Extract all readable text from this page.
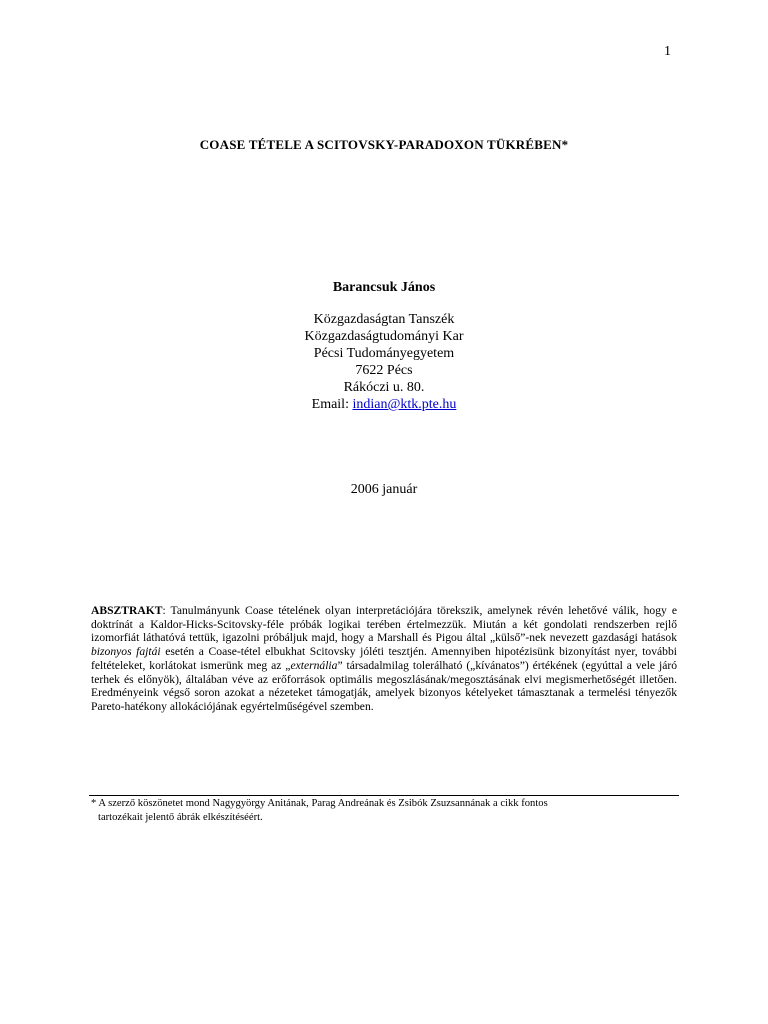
1
COASE TÉTELE A SCITOVSKY-PARADOXON TÜKRÉBEN*
Barancsuk János
Közgazdaságtan Tanszék
Közgazdaságtudományi Kar
Pécsi Tudományegyetem
7622 Pécs
Rákóczi u. 80.
Email: indian@ktk.pte.hu
2006 január
ABSZTRAKT: Tanulmányunk Coase tételének olyan interpretációjára törekszik, amelynek révén lehetővé válik, hogy e doktrínát a Kaldor-Hicks-Scitovsky-féle próbák logikai terében értelmezzük. Miután a két gondolati rendszerben rejlő izomorfiát láthatóvá tettük, igazolni próbáljuk majd, hogy a Marshall és Pigou által „külső”-nek nevezett gazdasági hatások bizonyos fajtái esetén a Coase-tétel elbukhat Scitovsky jóléti tesztjén. Amennyiben hipotézisünk bizonyítást nyer, további feltételeket, korlátokat ismerünk meg az „externália” társadalmilag tolerálható („kívánatos”) értékének (egyúttal a vele járó terhek és előnyök), általában véve az erőforrások optimális megoszlásának/megosztásának elvi megismerhetőségét illetően. Eredményeink végső soron azokat a nézeteket támogatják, amelyek bizonyos kételyeket támasztanak a termelési tényezők Pareto-hatékony allokációjának egyértelműségével szemben.
* A szerző köszönetet mond Nagygyörgy Anitának, Parag Andreának és Zsibók Zsuzsannának a cikk fontos
tartozékait jelentő ábrák elkészítéséért.
